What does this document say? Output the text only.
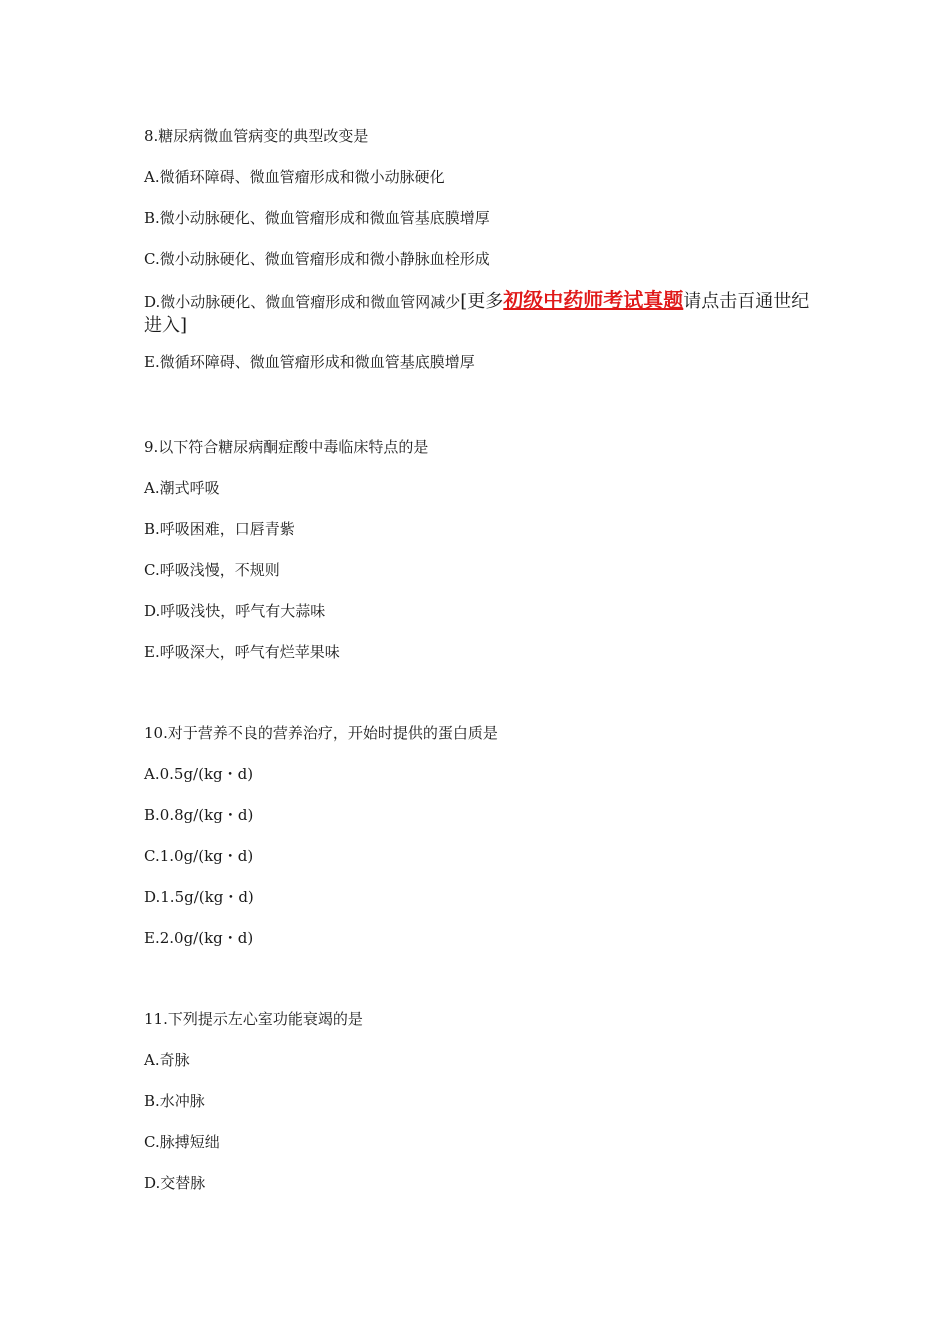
8.糖尿病微血管病变的典型改变是
A.微循环障碍、微血管瘤形成和微小动脉硬化
B.微小动脉硬化、微血管瘤形成和微血管基底膜增厚
C.微小动脉硬化、微血管瘤形成和微小静脉血栓形成
D.微小动脉硬化、微血管瘤形成和微血管网减少[更多初级中药师考试真题请点击百通世纪进入]
E.微循环障碍、微血管瘤形成和微血管基底膜增厚
9.以下符合糖尿病酮症酸中毒临床特点的是
A.潮式呼吸
B.呼吸困难，口唇青紫
C.呼吸浅慢，不规则
D.呼吸浅快，呼气有大蒜味
E.呼吸深大，呼气有烂苹果味
10.对于营养不良的营养治疗，开始时提供的蛋白质是
A.0.5g/(kg・d)
B.0.8g/(kg・d)
C.1.0g/(kg・d)
D.1.5g/(kg・d)
E.2.0g/(kg・d)
11.下列提示左心室功能衰竭的是
A.奇脉
B.水冲脉
C.脉搏短绌
D.交替脉
